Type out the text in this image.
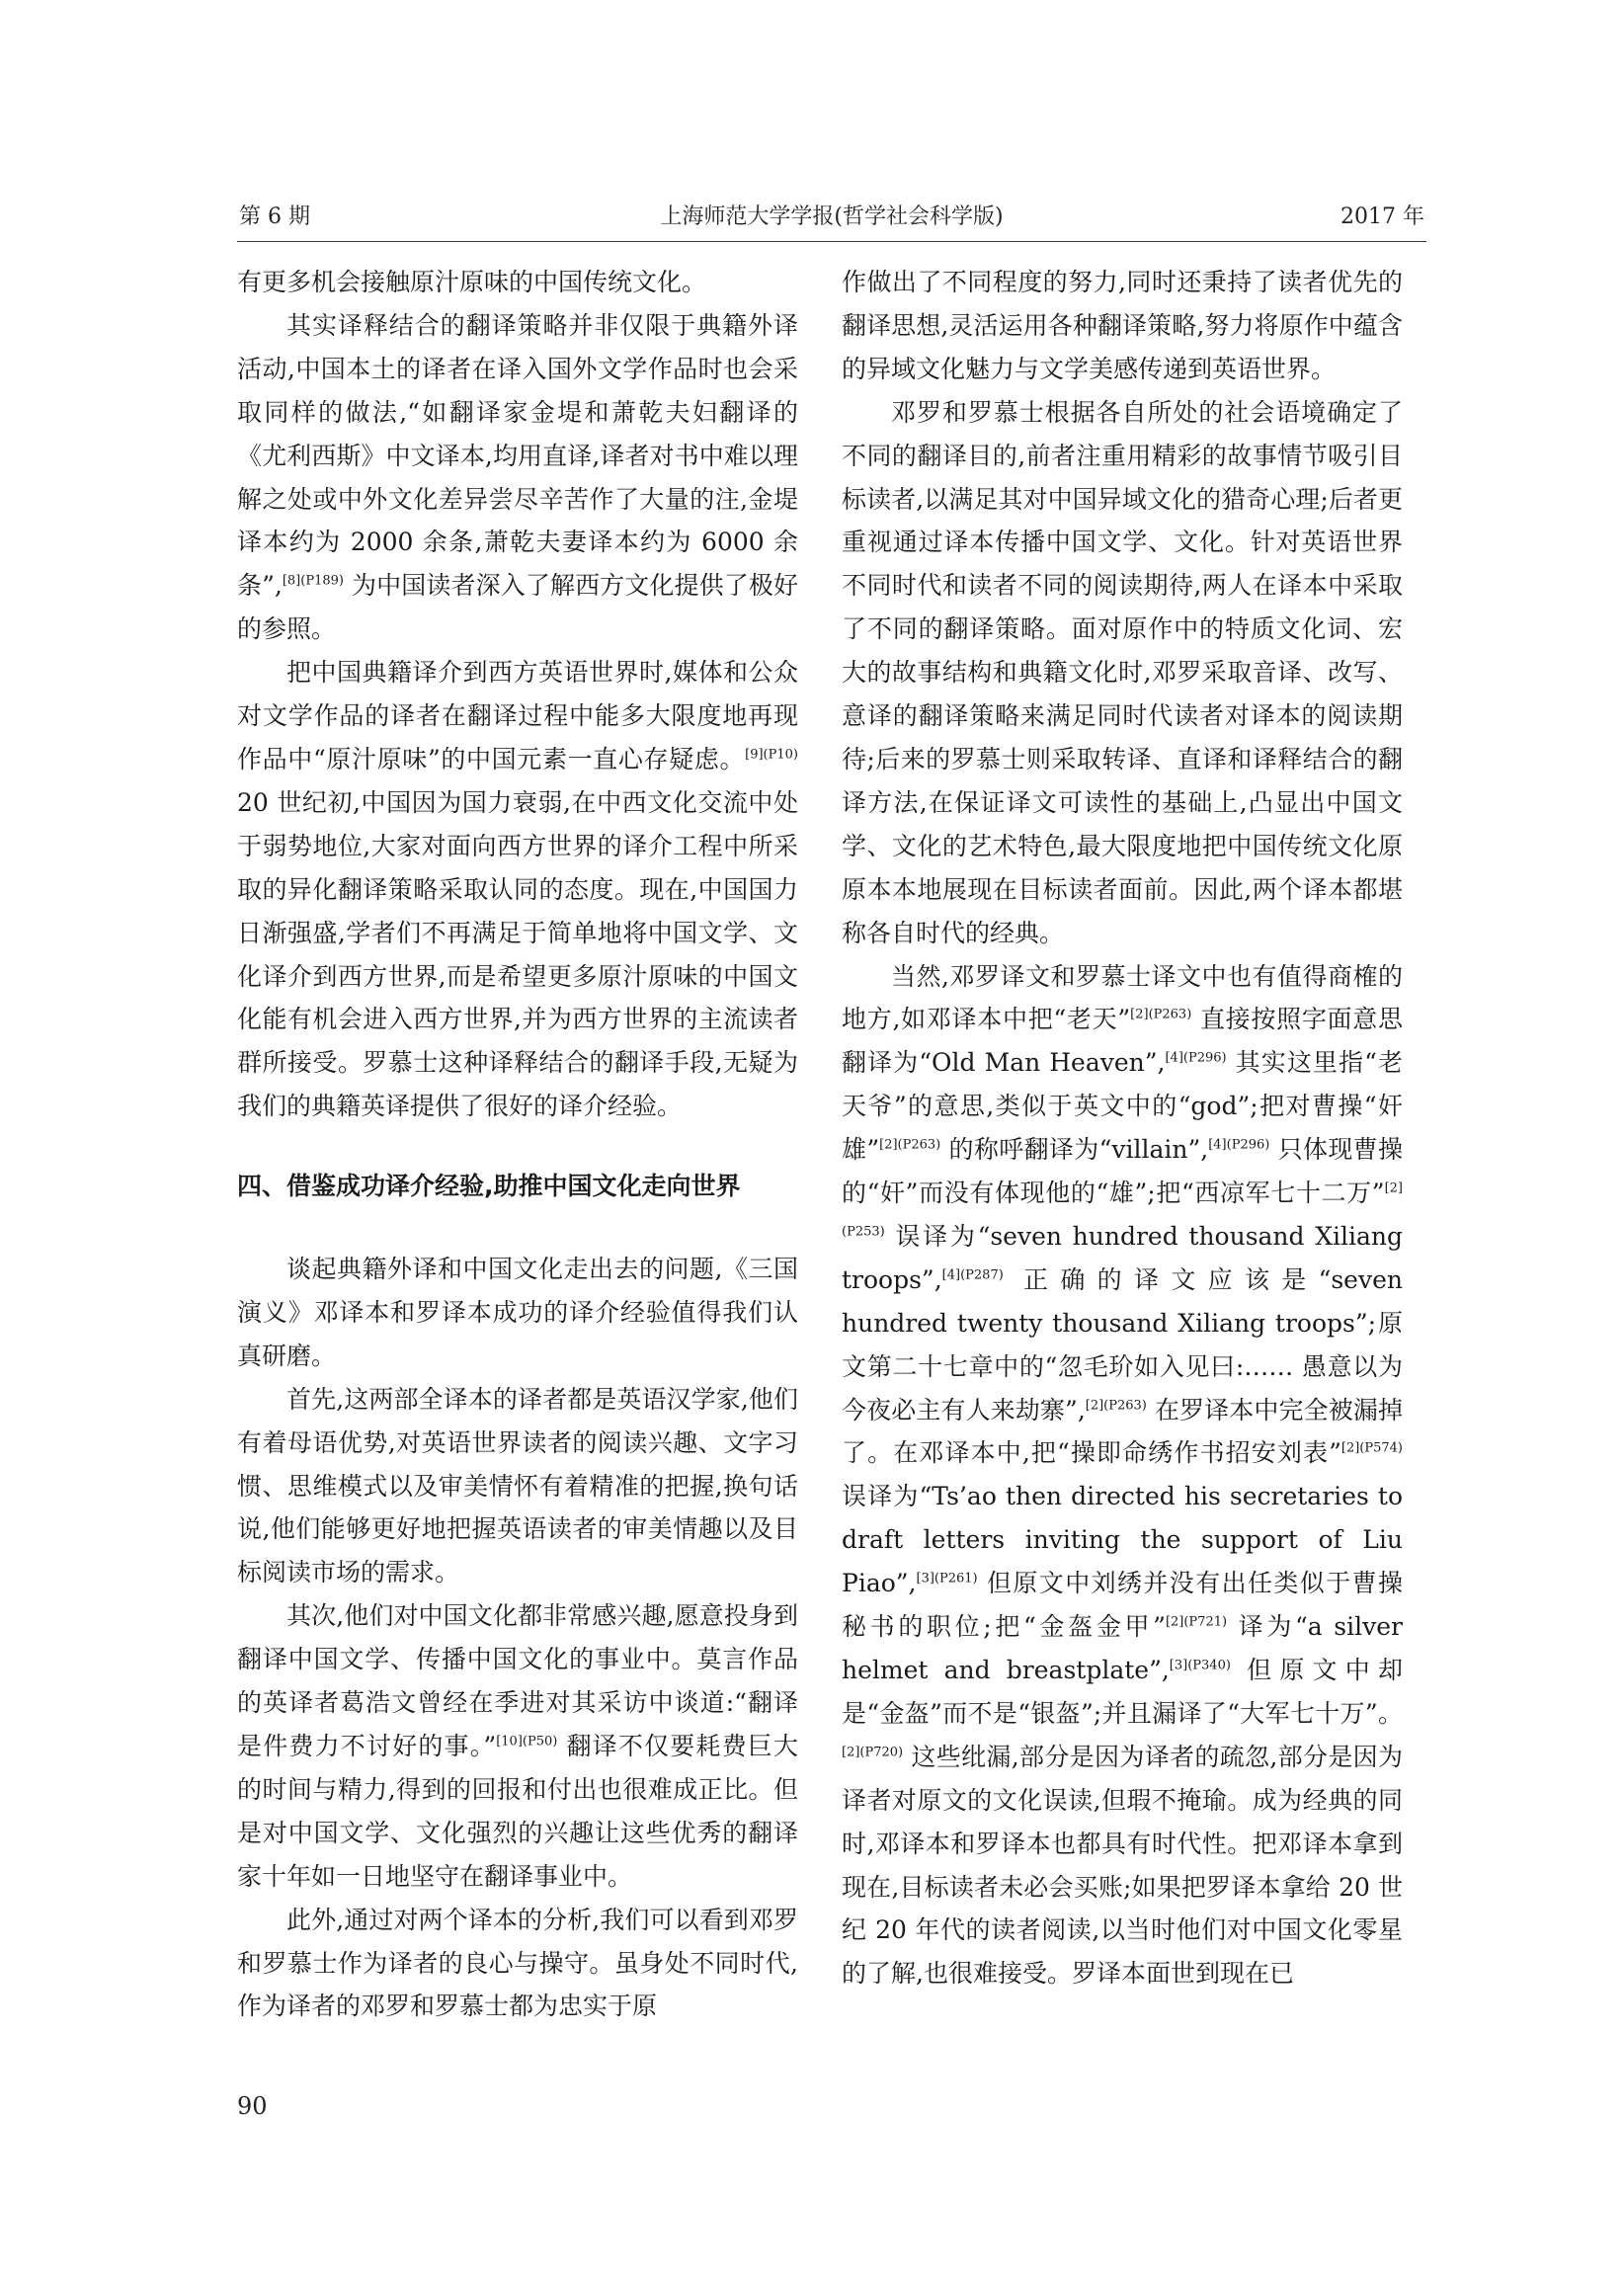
第 6 期	上海师范大学学报(哲学社会科学版)	2017 年

有更多机会接触原汁原味的中国传统文化。

其实译释结合的翻译策略并非仅限于典籍外译活动,中国本土的译者在译入国外文学作品时也会采取同样的做法,“如翻译家金堤和萧乾夫妇翻译的《尤利西斯》中文译本,均用直译,译者对书中难以理解之处或中外文化差异尝尽辛苦作了大量的注,金堤译本约为 2000 余条,萧乾夫妻译本约为 6000 余条”,$^{[8](P189)}$ 为中国读者深入了解西方文化提供了极好的参照。

把中国典籍译介到西方英语世界时,媒体和公众对文学作品的译者在翻译过程中能多大限度地再现作品中“原汁原味”的中国元素一直心存疑虑。$^{[9](P10)}$ 20 世纪初,中国因为国力衰弱,在中西文化交流中处于弱势地位,大家对面向西方世界的译介工程中所采取的异化翻译策略采取认同的态度。现在,中国国力日渐强盛,学者们不再满足于简单地将中国文学、文化译介到西方世界,而是希望更多原汁原味的中国文化能有机会进入西方世界,并为西方世界的主流读者群所接受。罗慕士这种译释结合的翻译手段,无疑为我们的典籍英译提供了很好的译介经验。

四、借鉴成功译介经验,助推中国文化走向世界

谈起典籍外译和中国文化走出去的问题,《三国演义》邓译本和罗译本成功的译介经验值得我们认真研磨。

首先,这两部全译本的译者都是英语汉学家,他们有着母语优势,对英语世界读者的阅读兴趣、文字习惯、思维模式以及审美情怀有着精准的把握,换句话说,他们能够更好地把握英语读者的审美情趣以及目标阅读市场的需求。

其次,他们对中国文化都非常感兴趣,愿意投身到翻译中国文学、传播中国文化的事业中。莫言作品的英译者葛浩文曾经在季进对其采访中谈道:“翻译是件费力不讨好的事。”$^{[10](P50)}$ 翻译不仅要耗费巨大的时间与精力,得到的回报和付出也很难成正比。但是对中国文学、文化强烈的兴趣让这些优秀的翻译家十年如一日地坚守在翻译事业中。

此外,通过对两个译本的分析,我们可以看到邓罗和罗慕士作为译者的良心与操守。虽身处不同时代,作为译者的邓罗和罗慕士都为忠实于原

作做出了不同程度的努力,同时还秉持了读者优先的翻译思想,灵活运用各种翻译策略,努力将原作中蕴含的异域文化魅力与文学美感传递到英语世界。

邓罗和罗慕士根据各自所处的社会语境确定了不同的翻译目的,前者注重用精彩的故事情节吸引目标读者,以满足其对中国异域文化的猎奇心理;后者更重视通过译本传播中国文学、文化。针对英语世界不同时代和读者不同的阅读期待,两人在译本中采取了不同的翻译策略。面对原作中的特质文化词、宏大的故事结构和典籍文化时,邓罗采取音译、改写、意译的翻译策略来满足同时代读者对译本的阅读期待;后来的罗慕士则采取转译、直译和译释结合的翻译方法,在保证译文可读性的基础上,凸显出中国文学、文化的艺术特色,最大限度地把中国传统文化原原本本地展现在目标读者面前。因此,两个译本都堪称各自时代的经典。

当然,邓罗译文和罗慕士译文中也有值得商榷的地方,如邓译本中把“老天”$^{[2](P263)}$ 直接按照字面意思翻译为“Old Man Heaven”,$^{[4](P296)}$ 其实这里指“老天爷”的意思,类似于英文中的“god”;把对曹操“奸雄”$^{[2](P263)}$ 的称呼翻译为“villain”,$^{[4](P296)}$ 只体现曹操的“奸”而没有体现他的“雄”;把“西凉军七十二万”$^{[2](P253)}$ 误译为“seven hundred thousand Xiliang troops”,$^{[4](P287)}$ 正确的译文应该是“seven hundred twenty thousand Xiliang troops”;原文第二十七章中的“忽毛玠如入见曰:…… 愚意以为今夜必主有人来劫寨”,$^{[2](P263)}$ 在罗译本中完全被漏掉了。在邓译本中,把“操即命绣作书招安刘表”$^{[2](P574)}$ 误译为“Ts’ao then directed his secretaries to draft letters inviting the support of Liu Piao”,$^{[3](P261)}$ 但原文中刘绣并没有出任类似于曹操秘书的职位;把“金盔金甲”$^{[2](P721)}$ 译为“a silver helmet and breastplate”,$^{[3](P340)}$ 但原文中却是“金盔”而不是“银盔”;并且漏译了“大军七十万”。$^{[2](P720)}$ 这些纰漏,部分是因为译者的疏忽,部分是因为译者对原文的文化误读,但瑕不掩瑜。成为经典的同时,邓译本和罗译本也都具有时代性。把邓译本拿到现在,目标读者未必会买账;如果把罗译本拿给 20 世纪 20 年代的读者阅读,以当时他们对中国文化零星的了解,也很难接受。罗译本面世到现在已

90
